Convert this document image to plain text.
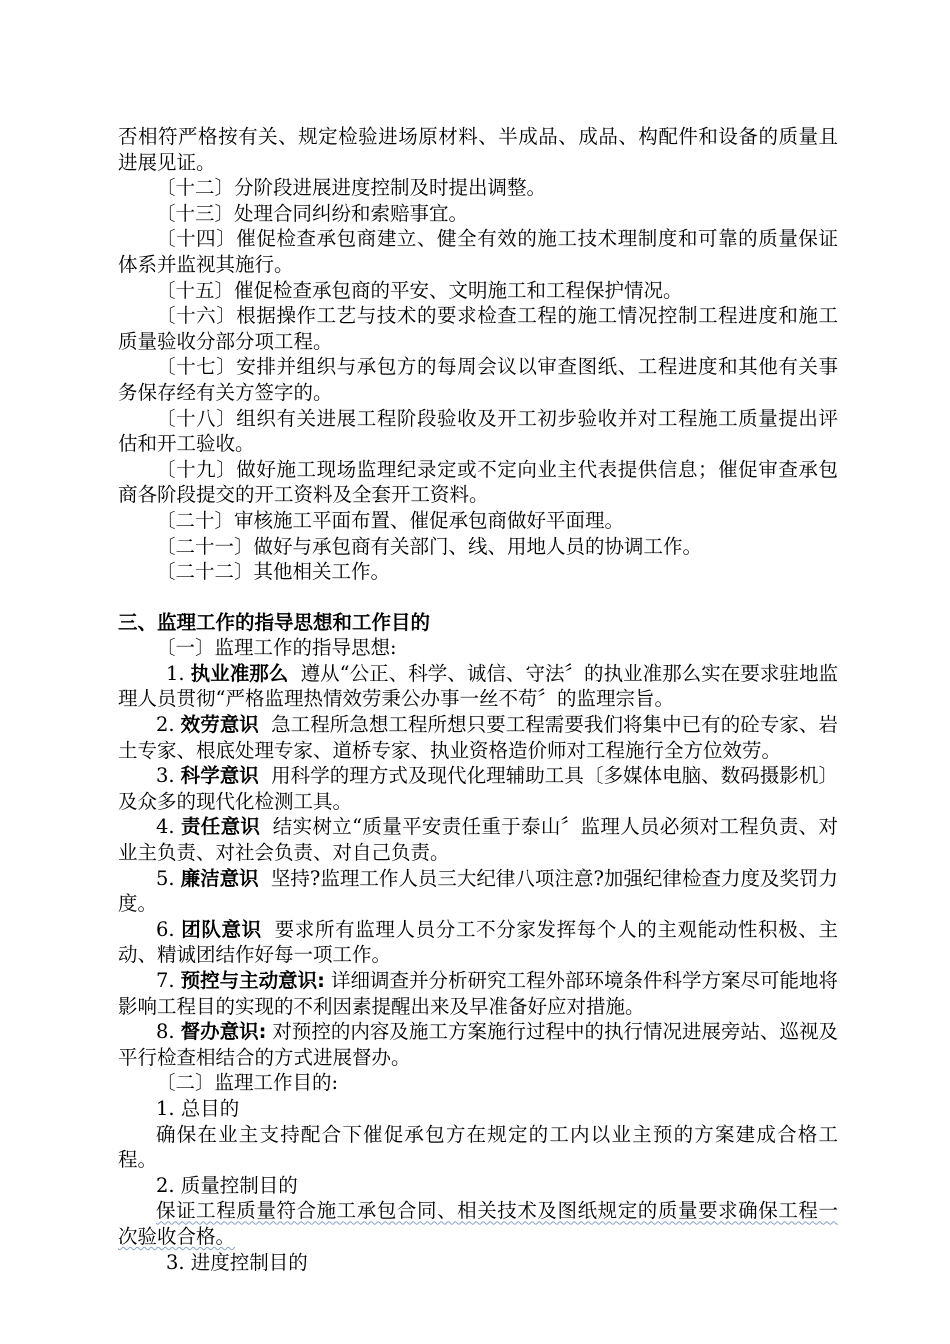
否相符严格按有关、规定检验进场原材料、半成品、成品、构配件和设备的质量且进展见证。

〔十二〕分阶段进展进度控制及时提出调整。

〔十三〕处理合同纠纷和索赔事宜。

〔十四〕催促检查承包商建立、健全有效的施工技术理制度和可靠的质量保证体系并监视其施行。

〔十五〕催促检查承包商的平安、文明施工和工程保护情况。

〔十六〕根据操作工艺与技术的要求检查工程的施工情况控制工程进度和施工质量验收分部分项工程。

〔十七〕安排并组织与承包方的每周会议以审查图纸、工程进度和其他有关事务保存经有关方签字的。

〔十八〕组织有关进展工程阶段验收及开工初步验收并对工程施工质量提出评估和开工验收。

〔十九〕做好施工现场监理纪录定或不定向业主代表提供信息；催促审查承包商各阶段提交的开工资料及全套开工资料。

〔二十〕审核施工平面布置、催促承包商做好平面理。

〔二十一〕做好与承包商有关部门、线、用地人员的协调工作。

〔二十二〕其他相关工作。

三、监理工作的指导思想和工作目的

〔一〕监理工作的指导思想:

1. 执业准那么 遵从“公正、科学、诚信、守法〞的执业准那么实在要求驻地监理人员贯彻“严格监理热情效劳秉公办事一丝不苟〞的监理宗旨。

2. 效劳意识 急工程所急想工程所想只要工程需要我们将集中已有的砼专家、岩土专家、根底处理专家、道桥专家、执业资格造价师对工程施行全方位效劳。

3. 科学意识 用科学的理方式及现代化理辅助工具〔多媒体电脑、数码摄影机〕及众多的现代化检测工具。

4. 责任意识 结实树立“质量平安责任重于泰山〞监理人员必须对工程负责、对业主负责、对社会负责、对自己负责。

5. 廉洁意识 坚持?监理工作人员三大纪律八项注意?加强纪律检查力度及奖罚力度。

6. 团队意识 要求所有监理人员分工不分家发挥每个人的主观能动性积极、主动、精诚团结作好每一项工作。

7. 预控与主动意识: 详细调查并分析研究工程外部环境条件科学方案尽可能地将影响工程目的实现的不利因素提醒出来及早准备好应对措施。

8. 督办意识: 对预控的内容及施工方案施行过程中的执行情况进展旁站、巡视及平行检查相结合的方式进展督办。

〔二〕监理工作目的:

1. 总目的

确保在业主支持配合下催促承包方在规定的工内以业主预的方案建成合格工程。

2. 质量控制目的

保证工程质量符合施工承包合同、相关技术及图纸规定的质量要求确保工程一次验收合格。

3. 进度控制目的
